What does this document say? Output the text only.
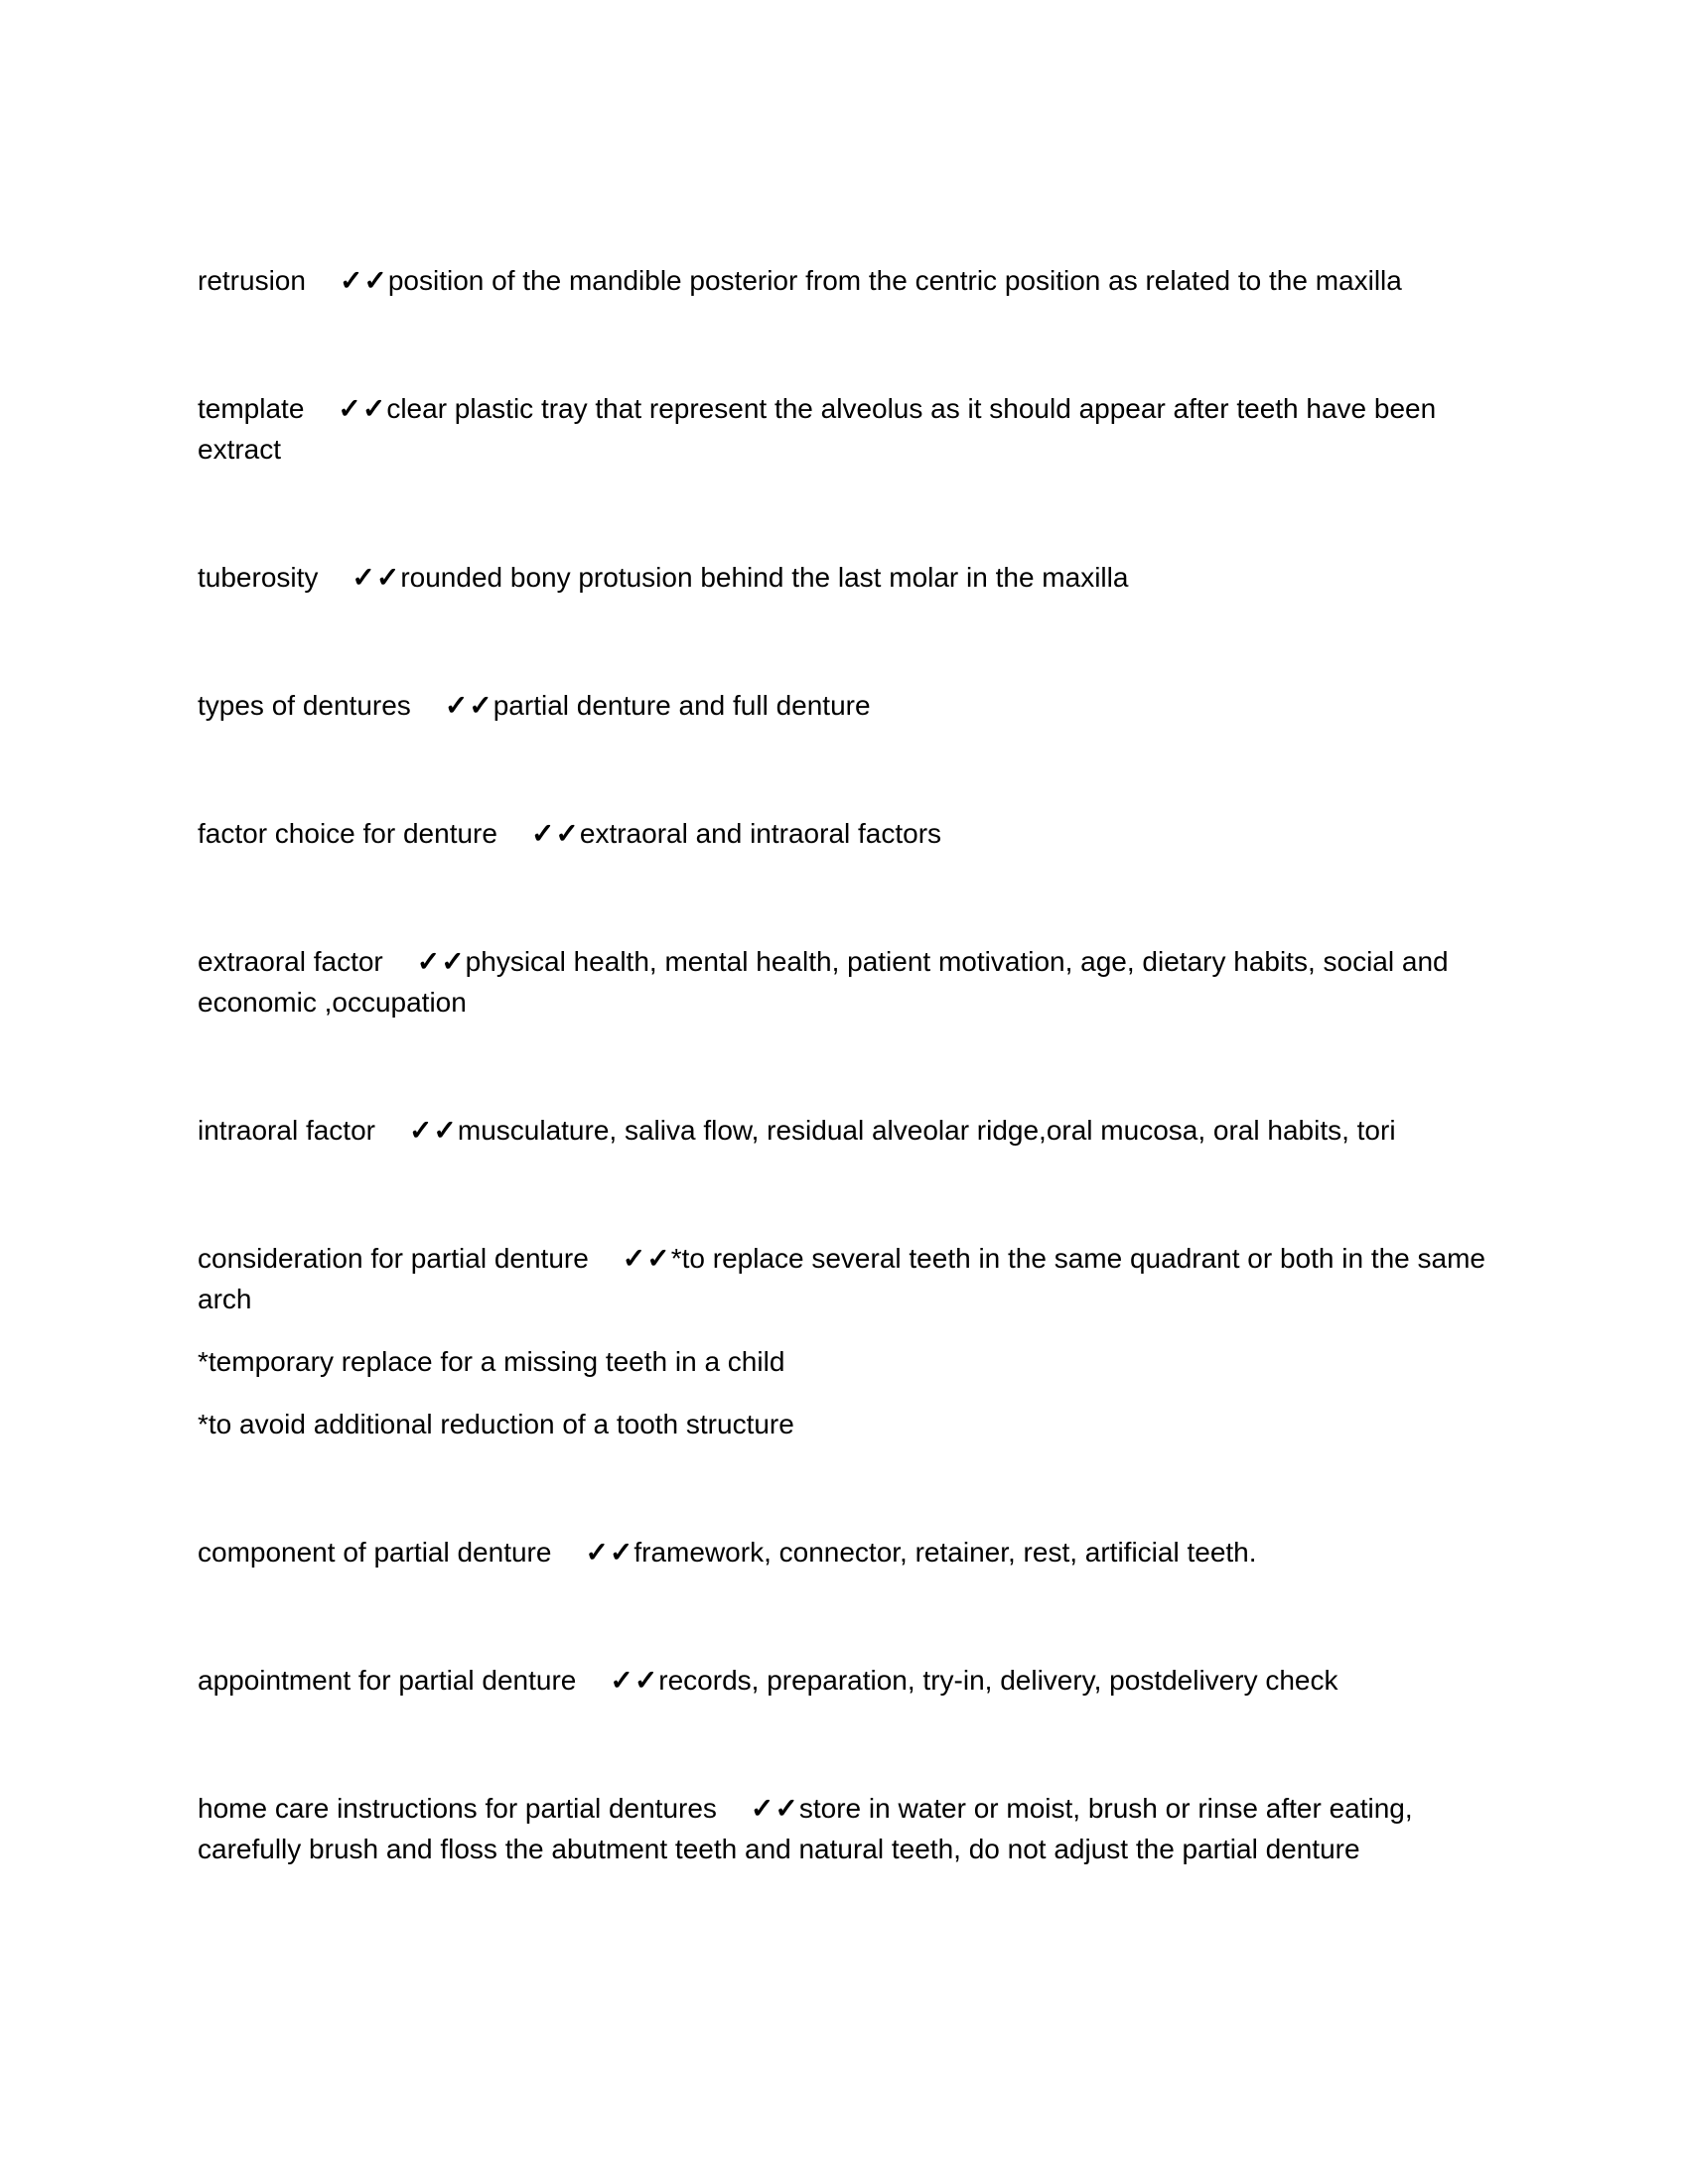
retrusion ✓✓position of the mandible posterior from the centric position as related to the maxilla

template ✓✓clear plastic tray that represent the alveolus as it should appear after teeth have been extract

tuberosity ✓✓rounded bony protusion behind the last molar in the maxilla

types of dentures ✓✓partial denture and full denture

factor choice for denture ✓✓extraoral and intraoral factors

extraoral factor ✓✓physical health, mental health, patient motivation, age, dietary habits, social and economic ,occupation

intraoral factor ✓✓musculature, saliva flow, residual alveolar ridge,oral mucosa, oral habits, tori

consideration for partial denture ✓✓*to replace several teeth in the same quadrant or both in the same arch

*temporary replace for a missing teeth in a child

*to avoid additional reduction of a tooth structure

component of partial denture ✓✓framework, connector, retainer, rest, artificial teeth.

appointment for partial denture ✓✓records, preparation, try-in, delivery, postdelivery check

home care instructions for partial dentures ✓✓store in water or moist, brush or rinse after eating, carefully brush and floss the abutment teeth and natural teeth, do not adjust the partial denture
